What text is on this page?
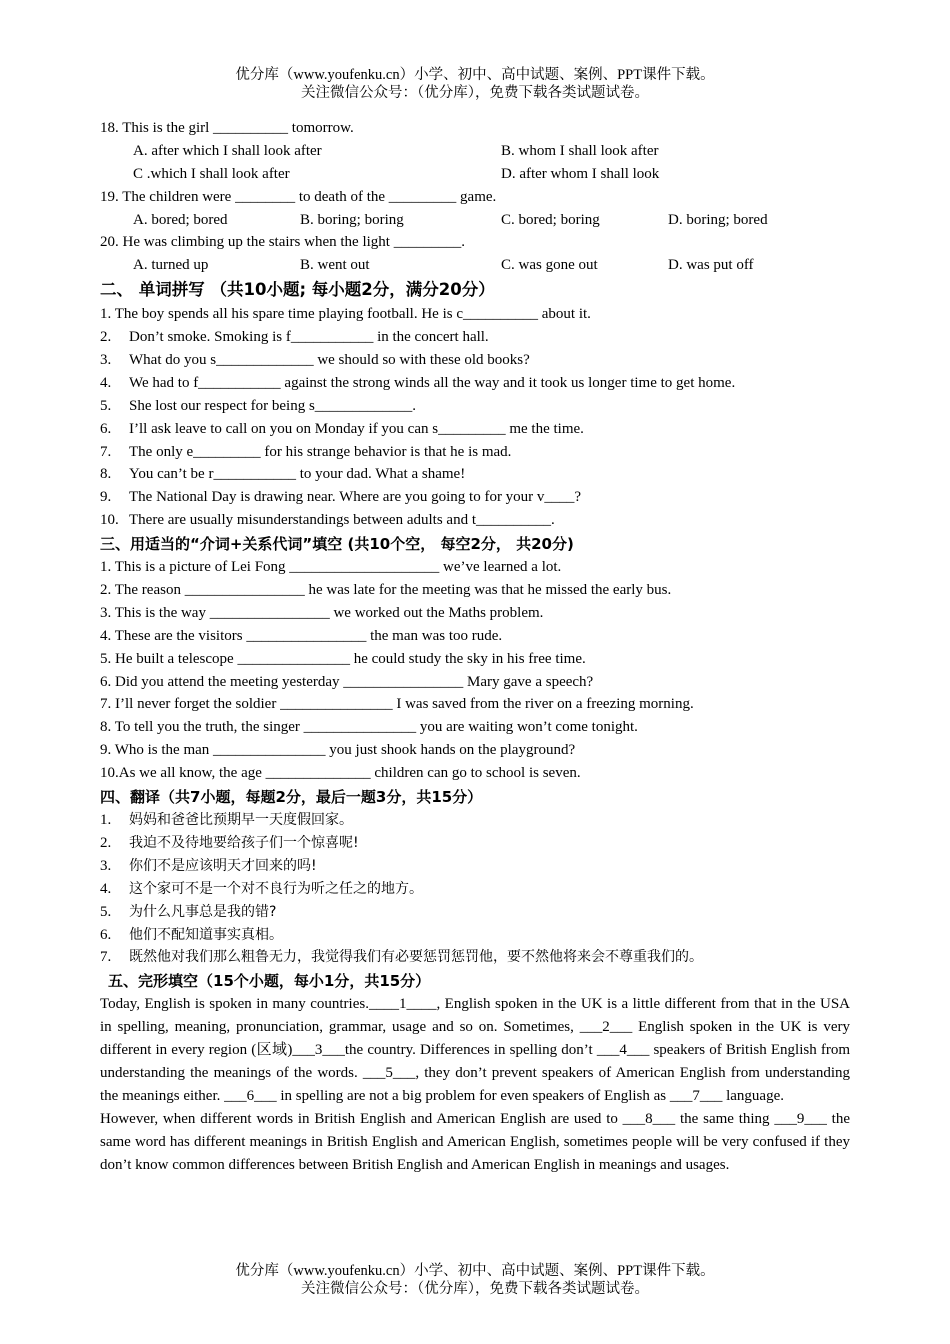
优分库（www.youfenku.cn）小学、初中、高中试题、案例、PPT课件下载。
关注微信公众号：（优分库），免费下载各类试题试卷。
18. This is the girl __________ tomorrow.
A. after which I shall look after	B. whom I shall look after
C .which I shall look after	D. after whom I shall look
19. The children were ________ to death of the _________ game.
A. bored; bored	B. boring; boring	C. bored; boring	D. boring; bored
20. He was climbing up the stairs when the light _________.
A. turned up	B. went out	C. was gone out	D. was put off
二、 单词拼写 （共10小题; 每小题2分，满分20分）
1. The boy spends all his spare time playing football. He is c__________ about it.
2. Don’t smoke. Smoking is f___________ in the concert hall.
3. What do you s_____________ we should so with these old books?
4. We had to f___________ against the strong winds all the way and it took us longer time to get home.
5. She lost our respect for being s_____________.
6. I’ll ask leave to call on you on Monday if you can s_________ me the time.
7. The only e_________ for his strange behavior is that he is mad.
8. You can’t be r___________ to your dad. What a shame!
9. The National Day is drawing near. Where are you going to for your v____?
10. There are usually misunderstandings between adults and t__________.
三、用适当的“介词+关系代词”填空 (共10个空， 每空2分， 共20分)
1. This is a picture of Lei Fong ____________________ we’ve learned a lot.
2. The reason ________________ he was late for the meeting was that he missed the early bus.
3. This is the way ________________ we worked out the Maths problem.
4. These are the visitors ________________ the man was too rude.
5. He built a telescope _______________ he could study the sky in his free time.
6. Did you attend the meeting yesterday ________________ Mary gave a speech?
7. I’ll never forget the soldier _______________ I was saved from the river on a freezing morning.
8. To tell you the truth, the singer _______________ you are waiting won’t come tonight.
9. Who is the man _______________ you just shook hands on the playground?
10.As we all know, the age ______________ children can go to school is seven.
四、翻译（共7小题，每题2分，最后一题3分，共15分）
1. 妈妈和爸爸比预期早一天度假回家。
2. 我迫不及待地要给孩子们一个惊喜呢!
3. 你们不是应该明天才回来的吗!
4. 这个家可不是一个对不良行为听之任之的地方。
5. 为什么凡事总是我的错?
6. 他们不配知道事实真相。
7. 既然他对我们那么粗鲁无力，我觉得我们有必要惩罚惩罚他，要不然他将来会不尊重我们的。
五、完形填空（15个小题，每小1分，共15分）
Today, English is spoken in many countries.____1____, English spoken in the UK is a little different from that in the USA in spelling, meaning, pronunciation, grammar, usage and so on. Sometimes, ___2___ English spoken in the UK is very different in every region (区域)___3___the country. Differences in spelling don’t ___4___ speakers of British English from understanding the meanings of the words. ___5___, they don’t prevent speakers of American English from understanding the meanings either. ___6___ in spelling are not a big problem for even speakers of English as ___7___ language.
However, when different words in British English and American English are used to ___8___ the same thing ___9___ the same word has different meanings in British English and American English, sometimes people will be very confused if they don’t know common differences between British English and American English in meanings and usages.
优分库（www.youfenku.cn）小学、初中、高中试题、案例、PPT课件下载。
关注微信公众号：（优分库），免费下载各类试题试卷。
